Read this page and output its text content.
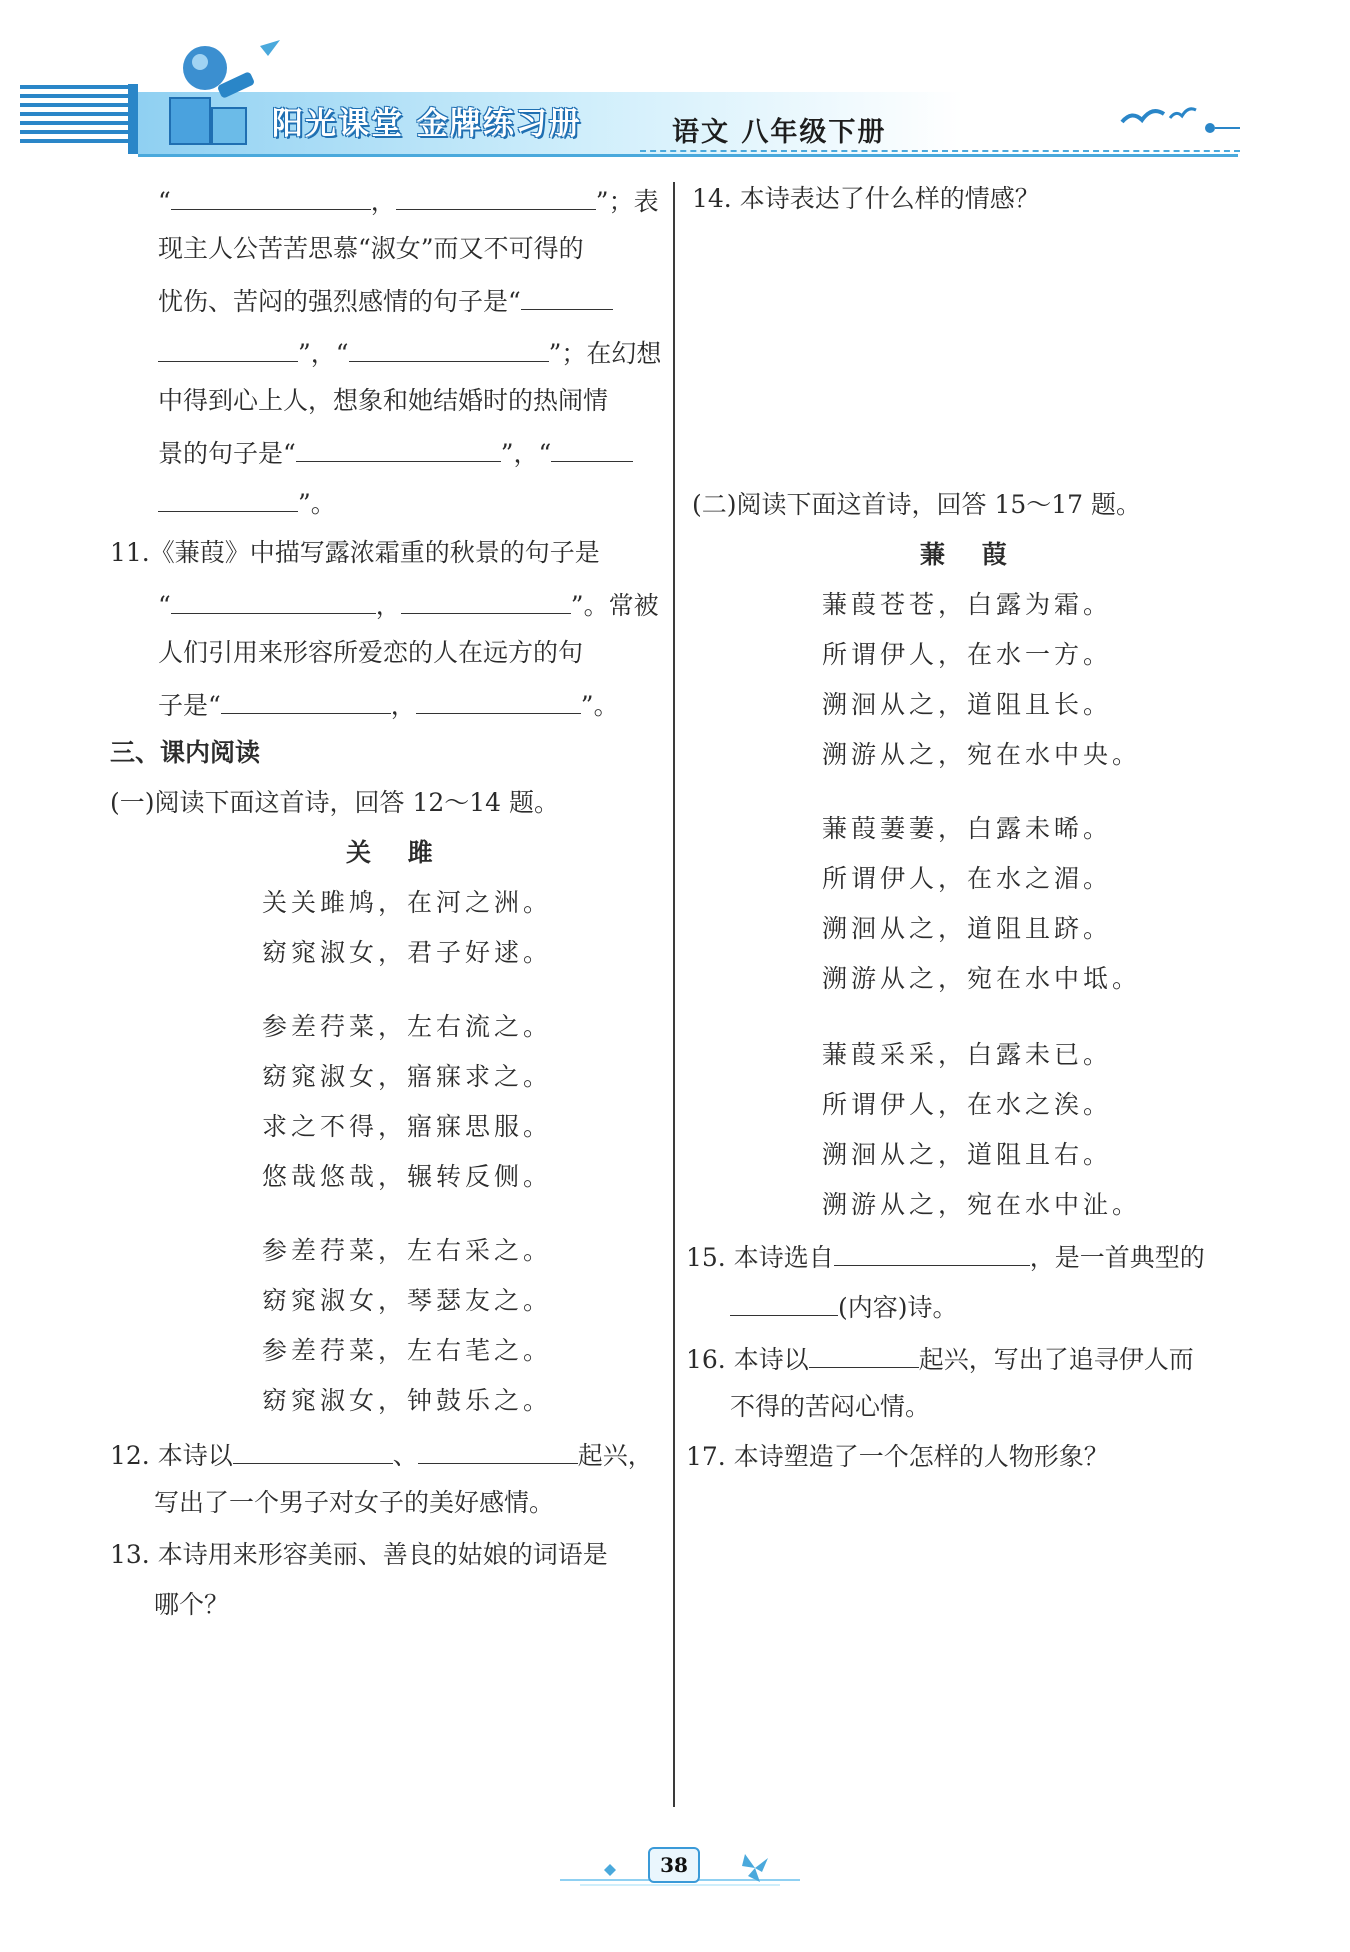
阳光课堂 金牌练习册	语文 八年级下册
“	，	”；表
现主人公苦苦思慕“淑女”而又不可得的
忧伤、苦闷的强烈感情的句子是“
”，“	”；在幻想
中得到心上人，想象和她结婚时的热闹情
景的句子是“	”，“
”。
11.《蒹葭》中描写露浓霜重的秋景的句子是
“	，	”。常被
人们引用来形容所爱恋的人在远方的句
子是“	，	”。
三、课内阅读
(一)阅读下面这首诗，回答 12～14 题。
关 雎
关关雎鸠，在河之洲。
窈窕淑女，君子好逑。
参差荇菜，左右流之。
窈窕淑女，寤寐求之。
求之不得，寤寐思服。
悠哉悠哉，辗转反侧。
参差荇菜，左右采之。
窈窕淑女，琴瑟友之。
参差荇菜，左右芼之。
窈窕淑女，钟鼓乐之。
12. 本诗以	、	起兴，
写出了一个男子对女子的美好感情。
13. 本诗用来形容美丽、善良的姑娘的词语是
哪个？
14. 本诗表达了什么样的情感？
(二)阅读下面这首诗，回答 15～17 题。
蒹 葭
蒹葭苍苍，白露为霜。
所谓伊人，在水一方。
溯洄从之，道阻且长。
溯游从之，宛在水中央。
蒹葭萋萋，白露未晞。
所谓伊人，在水之湄。
溯洄从之，道阻且跻。
溯游从之，宛在水中坻。
蒹葭采采，白露未已。
所谓伊人，在水之涘。
溯洄从之，道阻且右。
溯游从之，宛在水中沚。
15. 本诗选自	，是一首典型的
(内容)诗。
16. 本诗以	起兴，写出了追寻伊人而
不得的苦闷心情。
17. 本诗塑造了一个怎样的人物形象？
38
